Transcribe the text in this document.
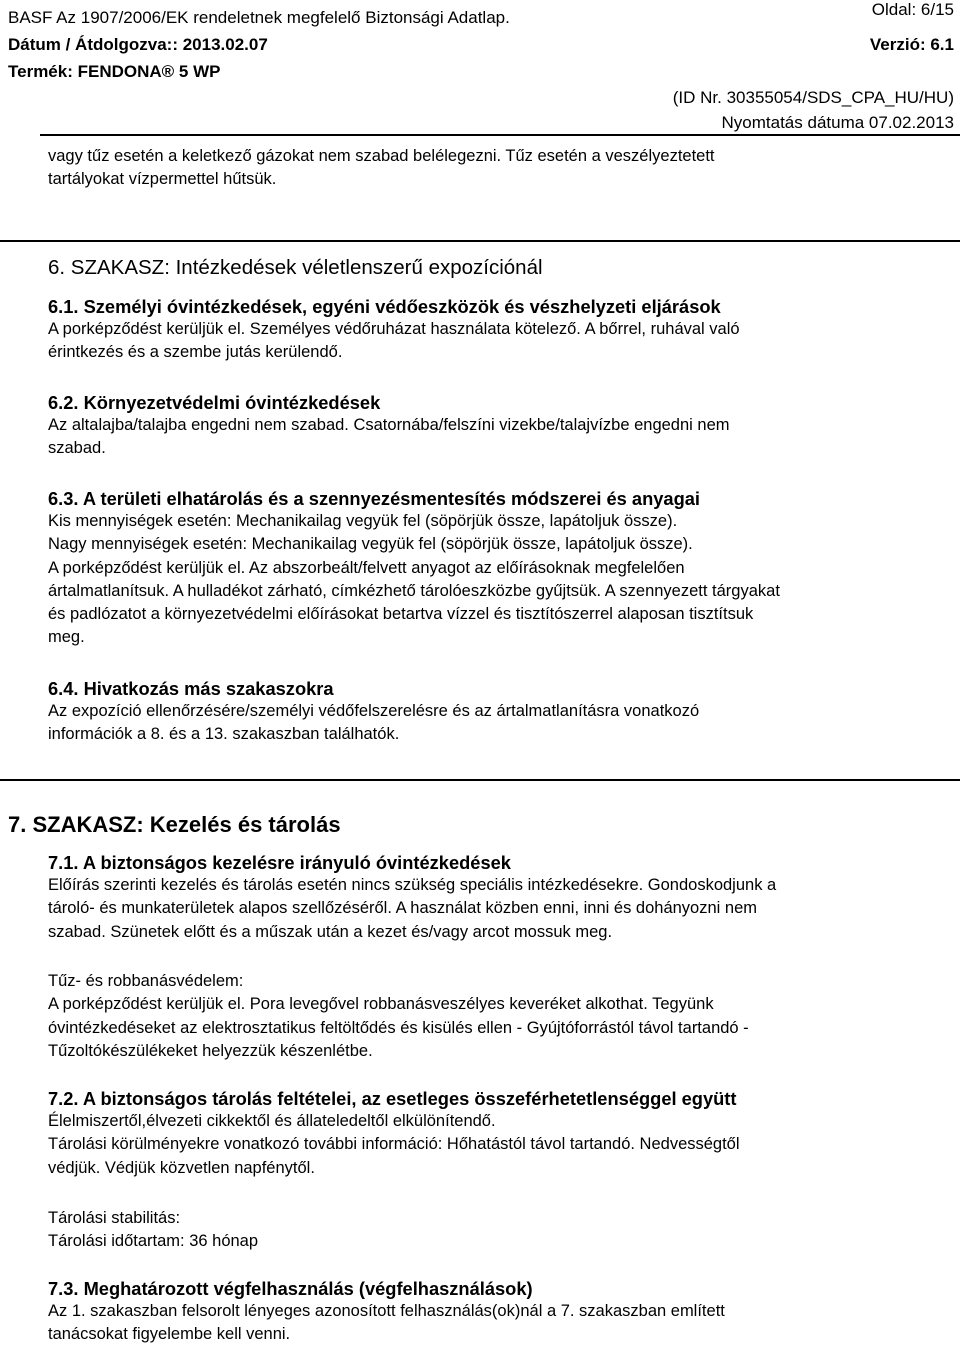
BASF Az 1907/2006/EK rendeletnek megfelelő Biztonsági Adatlap.	Oldal: 6/15
Dátum / Átdolgozva:: 2013.02.07	Verzió: 6.1
Termék: FENDONA® 5 WP
(ID Nr. 30355054/SDS_CPA_HU/HU)
Nyomtatás dátuma 07.02.2013

vagy tűz esetén a keletkező gázokat nem szabad belélegezni. Tűz esetén a veszélyeztetett

tartályokat vízpermettel hűtsük.

6. SZAKASZ: Intézkedések véletlenszerű expozíciónál

6.1. Személyi óvintézkedések, egyéni védőeszközök és vészhelyzeti eljárások

A porképződést kerüljük el. Személyes védőruházat használata kötelező. A bőrrel, ruhával való

érintkezés és a szembe jutás kerülendő.

6.2. Környezetvédelmi óvintézkedések

Az altalajba/talajba engedni nem szabad. Csatornába/felszíni vizekbe/talajvízbe engedni nem

szabad.

6.3. A területi elhatárolás és a szennyezésmentesítés módszerei és anyagai

Kis mennyiségek esetén: Mechanikailag vegyük fel (söpörjük össze, lapátoljuk össze).

Nagy mennyiségek esetén: Mechanikailag vegyük fel (söpörjük össze, lapátoljuk össze).

A porképződést kerüljük el. Az abszorbeált/felvett anyagot az előírásoknak megfelelően

ártalmatlanítsuk. A hulladékot zárható, címkézhető tárolóeszközbe gyűjtsük. A szennyezett tárgyakat

és padlózatot a környezetvédelmi előírásokat betartva vízzel és tisztítószerrel alaposan tisztítsuk

meg.

6.4. Hivatkozás más szakaszokra

Az expozíció ellenőrzésére/személyi védőfelszerelésre és az ártalmatlanításra vonatkozó

információk a 8. és a 13. szakaszban találhatók.

7. SZAKASZ: Kezelés és tárolás

7.1. A biztonságos kezelésre irányuló óvintézkedések

Előírás szerinti kezelés és tárolás esetén nincs szükség speciális intézkedésekre. Gondoskodjunk a

tároló- és munkaterületek alapos szellőzéséről. A használat közben enni, inni és dohányozni nem

szabad. Szünetek előtt és a műszak után a kezet és/vagy arcot mossuk meg.

Tűz- és robbanásvédelem:

A porképződést kerüljük el. Pora levegővel robbanásveszélyes keveréket alkothat. Tegyünk

óvintézkedéseket az elektrosztatikus feltöltődés és kisülés ellen - Gyújtóforrástól távol tartandó -

Tűzoltókészülékeket helyezzük készenlétbe.

7.2. A biztonságos tárolás feltételei, az esetleges összeférhetetlenséggel együtt

Élelmiszertől,élvezeti cikkektől és állateledeltől elkülönítendő.

Tárolási körülményekre vonatkozó további információ: Hőhatástól távol tartandó. Nedvességtől

védjük. Védjük közvetlen napfénytől.

Tárolási stabilitás:

Tárolási időtartam: 36 hónap

7.3. Meghatározott végfelhasználás (végfelhasználások)

Az 1. szakaszban felsorolt lényeges azonosított felhasználás(ok)nál a 7. szakaszban említett

tanácsokat figyelembe kell venni.
